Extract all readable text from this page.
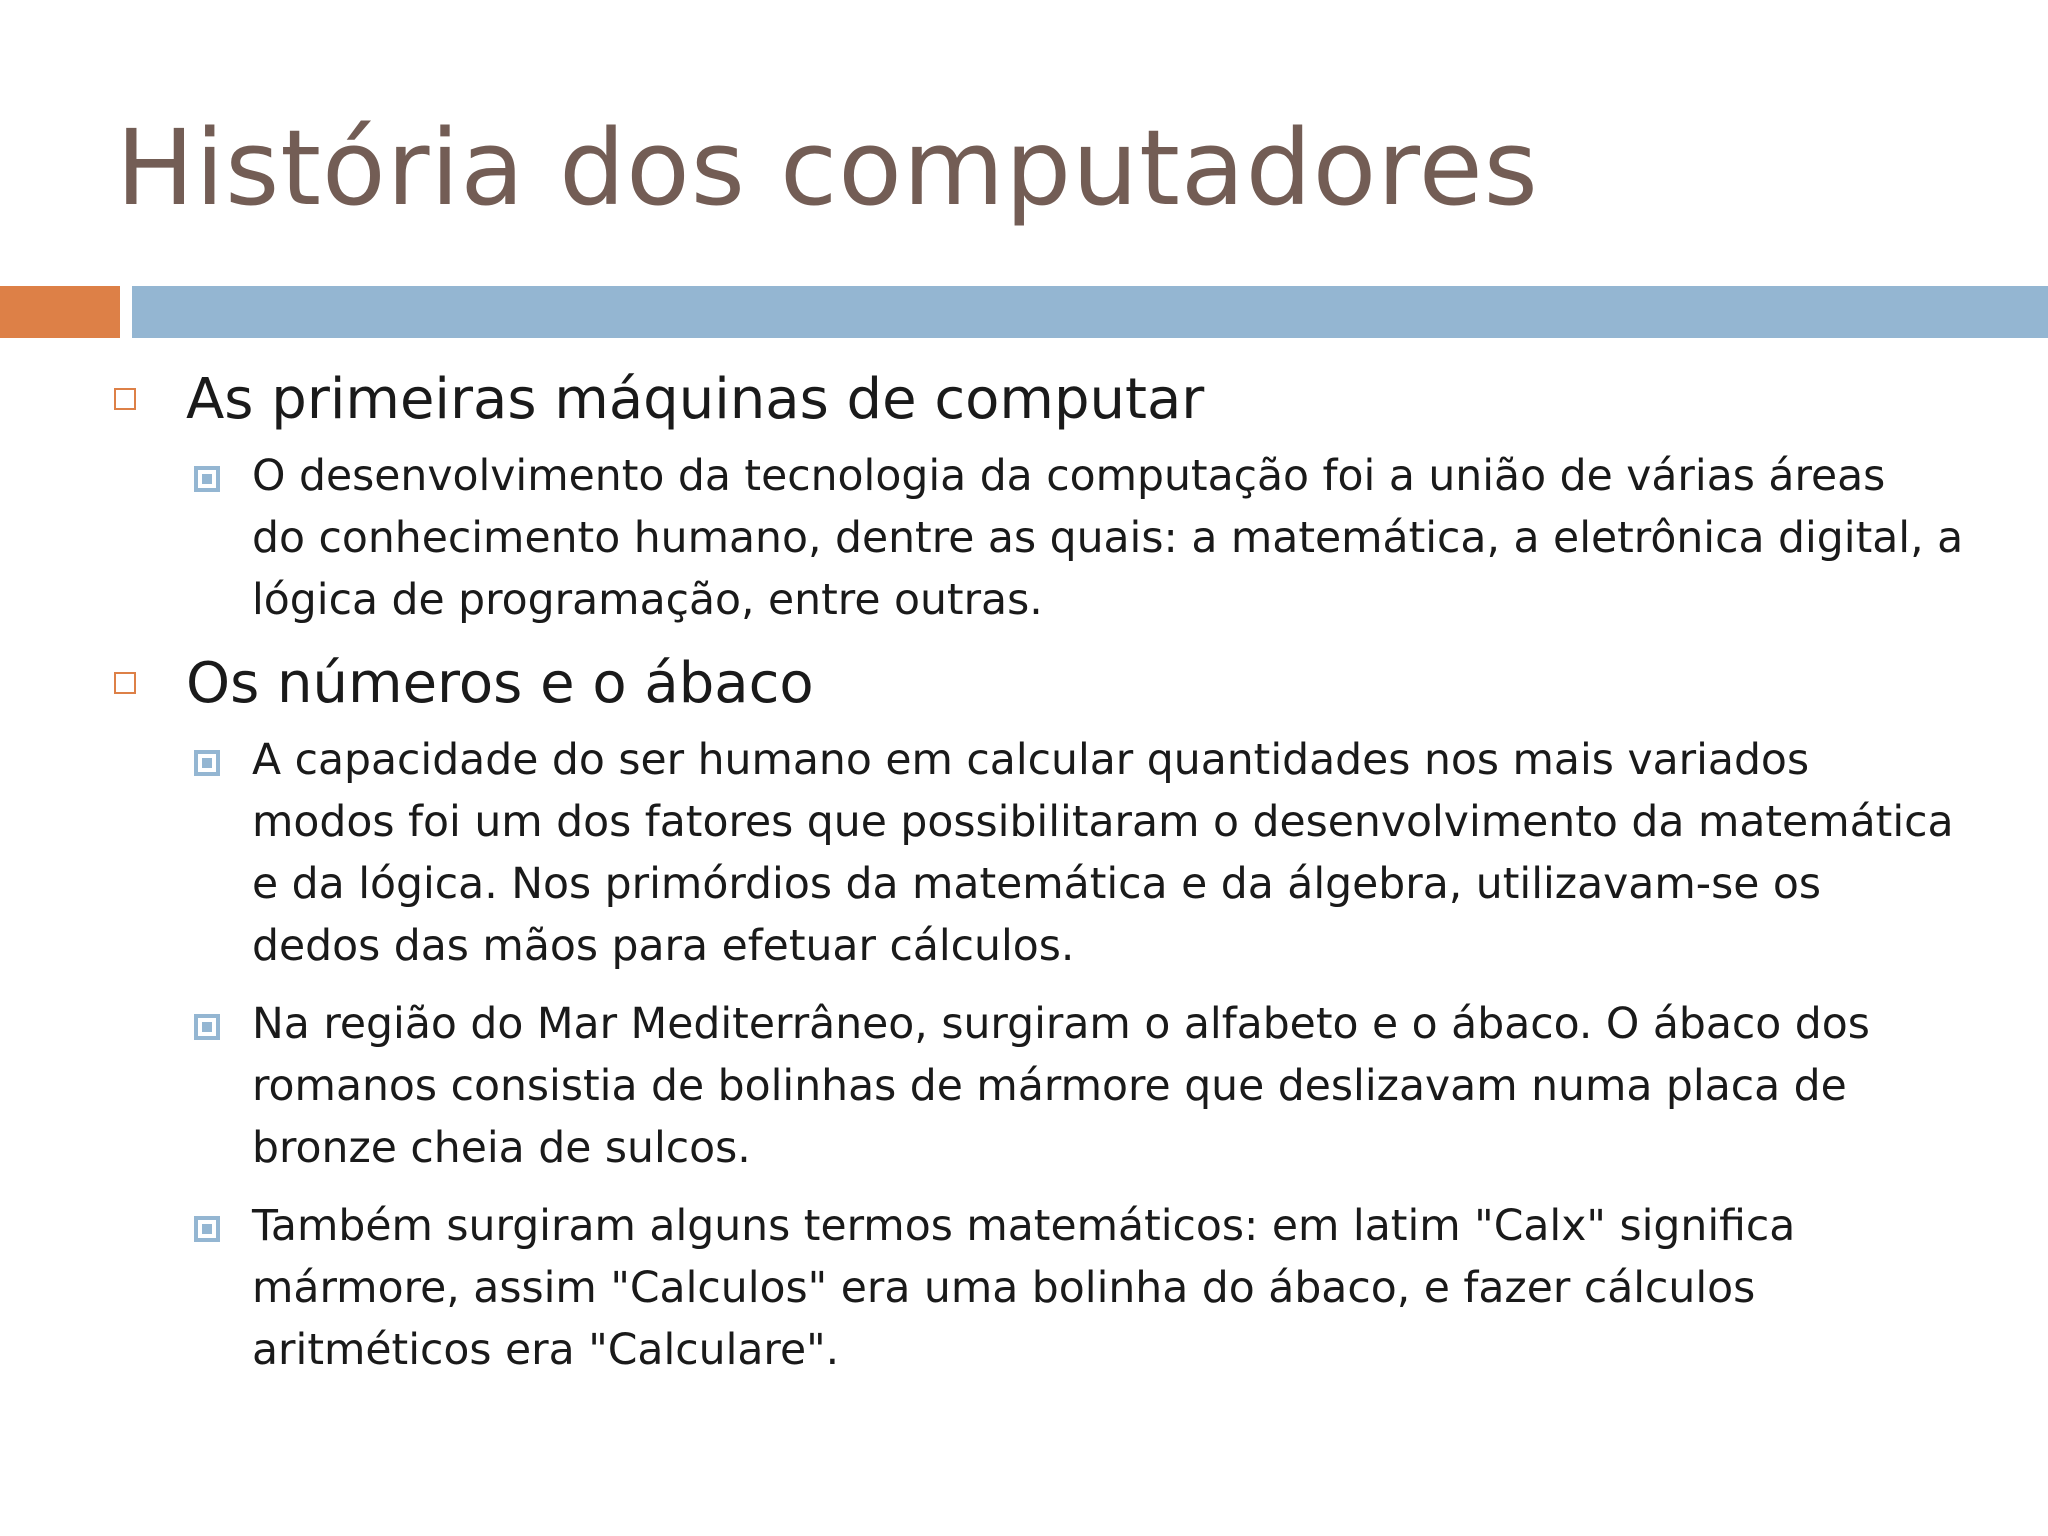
História dos computadores
As primeiras máquinas de computar
O desenvolvimento da tecnologia da computação foi a união de várias áreas
do conhecimento humano, dentre as quais: a matemática, a eletrônica digital, a
lógica de programação, entre outras.
Os números e o ábaco
A capacidade do ser humano em calcular quantidades nos mais variados
modos foi um dos fatores que possibilitaram o desenvolvimento da matemática
e da lógica. Nos primórdios da matemática e da álgebra, utilizavam-se os
dedos das mãos para efetuar cálculos.
Na região do Mar Mediterrâneo, surgiram o alfabeto e o ábaco. O ábaco dos
romanos consistia de bolinhas de mármore que deslizavam numa placa de
bronze cheia de sulcos.
Também surgiram alguns termos matemáticos: em latim "Calx" significa
mármore, assim "Calculos" era uma bolinha do ábaco, e fazer cálculos
aritméticos era "Calculare".
